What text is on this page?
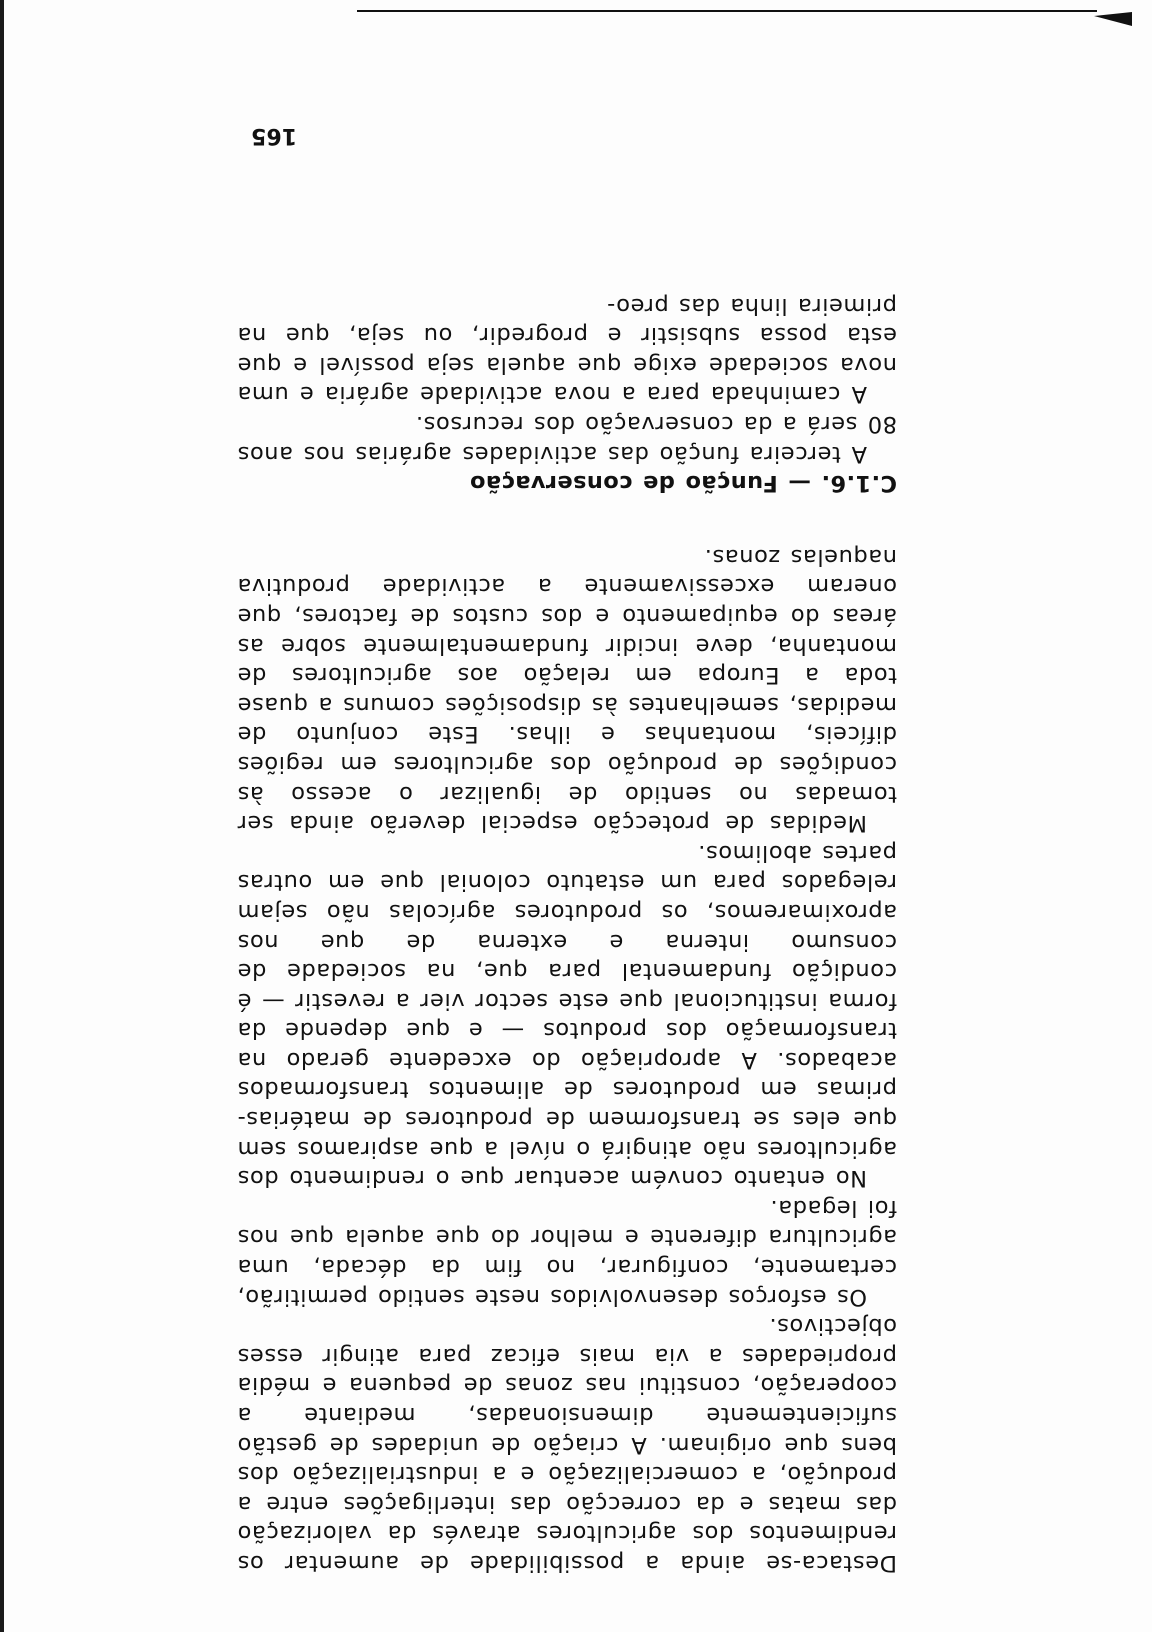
Destaca-se ainda a possibilidade de aumentar os rendimentos dos agricultores através da valorização das matas e da correcção das interligações entre a produção, a comercialização e a industrialização dos bens que originam. A criação de unidades de gestão suficientemente dimensionadas, mediante a cooperação, constitui nas zonas de pequena e média propriedades a via mais eficaz para atingir esses objectivos.

Os esforços desenvolvidos neste sentido permitirão, certamente, configurar, no fim da década, uma agricultura diferente e melhor do que aquela que nos foi legada.

No entanto convém acentuar que o rendimento dos agricultores não atingirá o nível a que aspiramos sem que eles se transformem de produtores de matérias-primas em produtores de alimentos transformados acabados. A apropriação do excedente gerado na transformação dos produtos — e que depende da forma institucional que este sector vier a revestir — é condição fundamental para que, na sociedade de consumo interna e externa de que nos aproximaremos, os produtores agrícolas não sejam relegados para um estatuto colonial que em outras partes abolimos.

Medidas de protecção especial deverão ainda ser tomadas no sentido de igualizar o acesso às condições de produção dos agricultores em regiões difíceis, montanhas e ilhas. Este conjunto de medidas, semelhantes às disposições comuns a quase toda a Europa em relação aos agricultores de montanha, deve incidir fundamentalmente sobre as áreas do equipamento e dos custos de factores, que oneram excessivamente a actividade produtiva naquelas zonas.

C.1.6. — Função de conservação

A terceira função das actividades agrárias nos anos 80 será a da conservação dos recursos.

A caminhada para a nova actividade agrária e uma nova sociedade exige que aquela seja possível e que esta possa subsistir e progredir, ou seja, que na primeira linha das preo-

165
